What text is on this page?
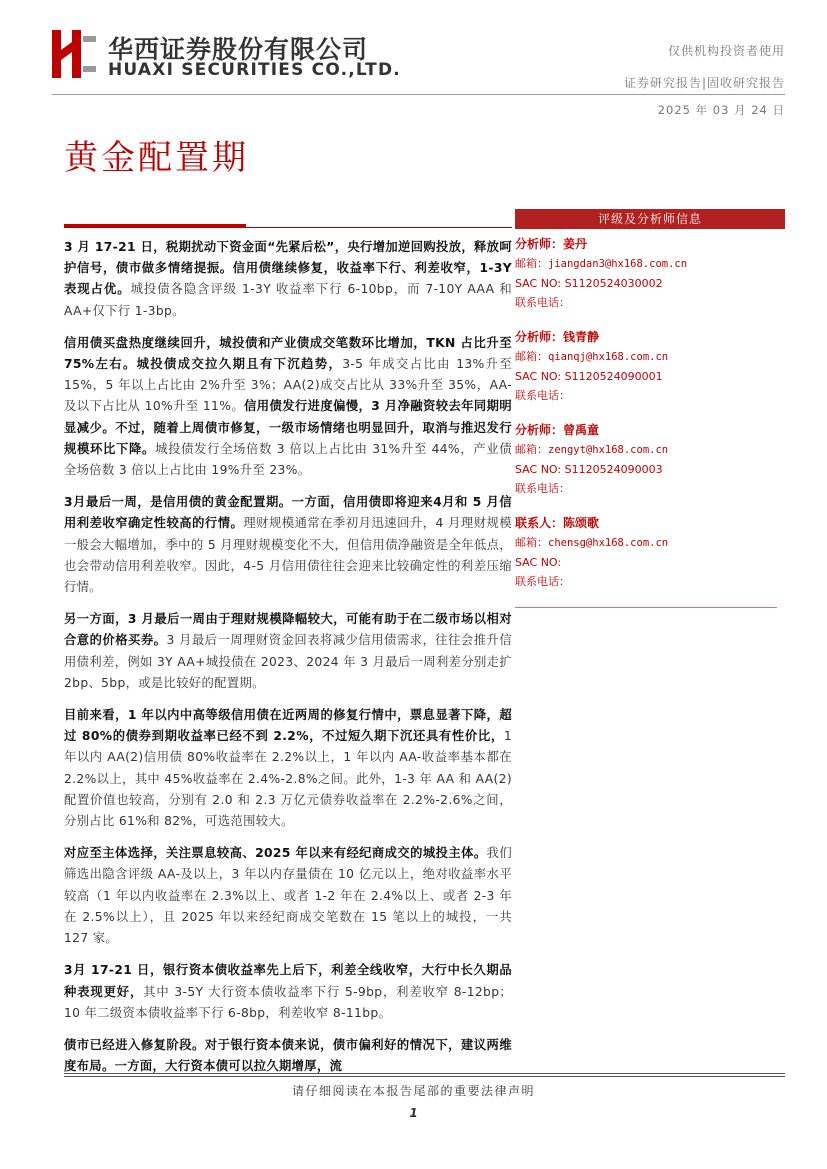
华西证券股份有限公司
HUAXI SECURITIES CO.,LTD.
仅供机构投资者使用
证券研究报告|固收研究报告
2025 年 03 月 24 日
黄金配置期

3 月 17-21 日，税期扰动下资金面“先紧后松”，央行增加逆回购投放，释放呵护信号，债市做多情绪提振。信用债继续修复，收益率下行、利差收窄，1-3Y 表现占优。城投债各隐含评级 1-3Y 收益率下行 6-10bp，而 7-10Y AAA 和 AA+仅下行 1-3bp。

信用债买盘热度继续回升，城投债和产业债成交笔数环比增加，TKN 占比升至 75%左右。城投债成交拉久期且有下沉趋势，3-5 年成交占比由 13%升至 15%，5 年以上占比由 2%升至 3%；AA(2)成交占比从 33%升至 35%，AA-及以下占比从 10%升至 11%。信用债发行进度偏慢，3 月净融资较去年同期明显减少。不过，随着上周债市修复，一级市场情绪也明显回升，取消与推迟发行规模环比下降。城投债发行全场倍数 3 倍以上占比由 31%升至 44%，产业债全场倍数 3 倍以上占比由 19%升至 23%。

3月最后一周，是信用债的黄金配置期。一方面，信用债即将迎来4月和 5 月信用利差收窄确定性较高的行情。理财规模通常在季初月迅速回升，4 月理财规模一般会大幅增加，季中的 5 月理财规模变化不大，但信用债净融资是全年低点，也会带动信用利差收窄。因此，4-5 月信用债往往会迎来比较确定性的利差压缩行情。

另一方面，3 月最后一周由于理财规模降幅较大，可能有助于在二级市场以相对合意的价格买券。3 月最后一周理财资金回表将减少信用债需求，往往会推升信用债利差，例如 3Y AA+城投债在 2023、2024 年 3 月最后一周利差分别走扩 2bp、5bp，或是比较好的配置期。

目前来看，1 年以内中高等级信用债在近两周的修复行情中，票息显著下降，超过 80%的债券到期收益率已经不到 2.2%，不过短久期下沉还具有性价比，1 年以内 AA(2)信用债 80%收益率在 2.2%以上，1 年以内 AA-收益率基本都在 2.2%以上，其中 45%收益率在 2.4%-2.8%之间。此外，1-3 年 AA 和 AA(2)配置价值也较高，分别有 2.0 和 2.3 万亿元债券收益率在 2.2%-2.6%之间，分别占比 61%和 82%，可选范围较大。

对应至主体选择，关注票息较高、2025 年以来有经纪商成交的城投主体。我们筛选出隐含评级 AA-及以上，3 年以内存量债在 10 亿元以上，绝对收益率水平较高（1 年以内收益率在 2.3%以上、或者 1-2 年在 2.4%以上、或者 2-3 年在 2.5%以上），且 2025 年以来经纪商成交笔数在 15 笔以上的城投，一共 127 家。

3月 17-21 日，银行资本债收益率先上后下，利差全线收窄，大行中长久期品种表现更好，其中 3-5Y 大行资本债收益率下行 5-9bp，利差收窄 8-12bp；10 年二级资本债收益率下行 6-8bp，利差收窄 8-11bp。

债市已经进入修复阶段。对于银行资本债来说，债市偏利好的情况下，建议两维度布局。一方面，大行资本债可以拉久期增厚，流

评级及分析师信息
分析师：姜丹
邮箱：jiangdan3@hx168.com.cn
SAC NO: S1120524030002
联系电话：
分析师：钱青静
邮箱：qianqj@hx168.com.cn
SAC NO: S1120524090001
联系电话：
分析师：曾禹童
邮箱：zengyt@hx168.com.cn
SAC NO: S1120524090003
联系电话：
联系人：陈颂歌
邮箱：chensg@hx168.com.cn
SAC NO:
联系电话：
请仔细阅读在本报告尾部的重要法律声明
1
